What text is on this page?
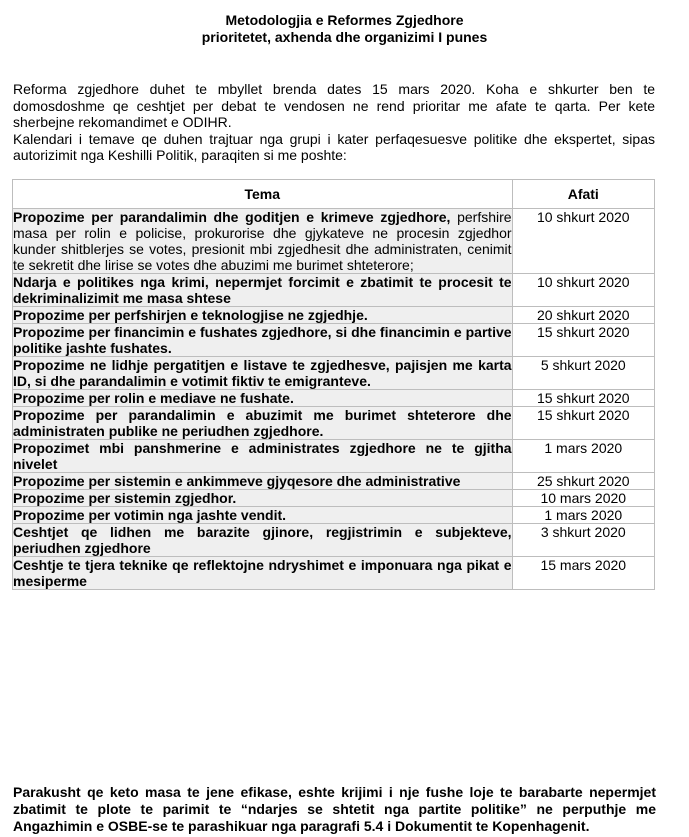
Metodologjia e Reformes Zgjedhore
prioritetet, axhenda dhe organizimi I punes

Reforma zgjedhore duhet te mbyllet brenda dates 15 mars 2020. Koha e shkurter ben te domosdoshme qe ceshtjet per debat te vendosen ne rend prioritar me afate te qarta. Per kete sherbejne rekomandimet e ODIHR.

Kalendari i temave qe duhen trajtuar nga grupi i kater perfaqesuesve politike dhe ekspertet, sipas autorizimit nga Keshilli Politik, paraqiten si me poshte:

Tema	Afati
Propozime per parandalimin dhe goditjen e krimeve zgjedhore, perfshire masa per rolin e policise, prokurorise dhe gjykateve ne procesin zgjedhor kunder shitblerjes se votes, presionit mbi zgjedhesit dhe administraten, cenimit te sekretit dhe lirise se votes dhe abuzimi me burimet shteterore;	10 shkurt 2020
Ndarja e politikes nga krimi, nepermjet forcimit e zbatimit te procesit te dekriminalizimit me masa shtese	10 shkurt 2020
Propozime per perfshirjen e teknologjise ne zgjedhje.	20 shkurt 2020
Propozime per financimin e fushates zgjedhore, si dhe financimin e partive politike jashte fushates.	15 shkurt 2020
Propozime ne lidhje pergatitjen e listave te zgjedhesve, pajisjen me karta ID, si dhe parandalimin e votimit fiktiv te emigranteve.	5 shkurt 2020
Propozime per rolin e mediave ne fushate.	15 shkurt 2020
Propozime per parandalimin e abuzimit me burimet shteterore dhe administraten publike ne periudhen zgjedhore.	15 shkurt 2020
Propozimet mbi panshmerine e administrates zgjedhore ne te gjitha nivelet	1 mars 2020
Propozime per sistemin e ankimmeve gjyqesore dhe administrative	25 shkurt 2020
Propozime per sistemin zgjedhor.	10 mars 2020
Propozime per votimin nga jashte vendit.	1 mars 2020
Ceshtjet qe lidhen me barazite gjinore, regjistrimin e subjekteve, periudhen zgjedhore	3 shkurt 2020
Ceshtje te tjera teknike qe reflektojne ndryshimet e imponuara nga pikat e mesiperme	15 mars 2020

Parakusht qe keto masa te jene efikase, eshte krijimi i nje fushe loje te barabarte nepermjet zbatimit te plote te parimit te “ndarjes se shtetit nga partite politike” ne perputhje me Angazhimin e OSBE-se te parashikuar nga paragrafi 5.4 i Dokumentit te Kopenhagenit.
